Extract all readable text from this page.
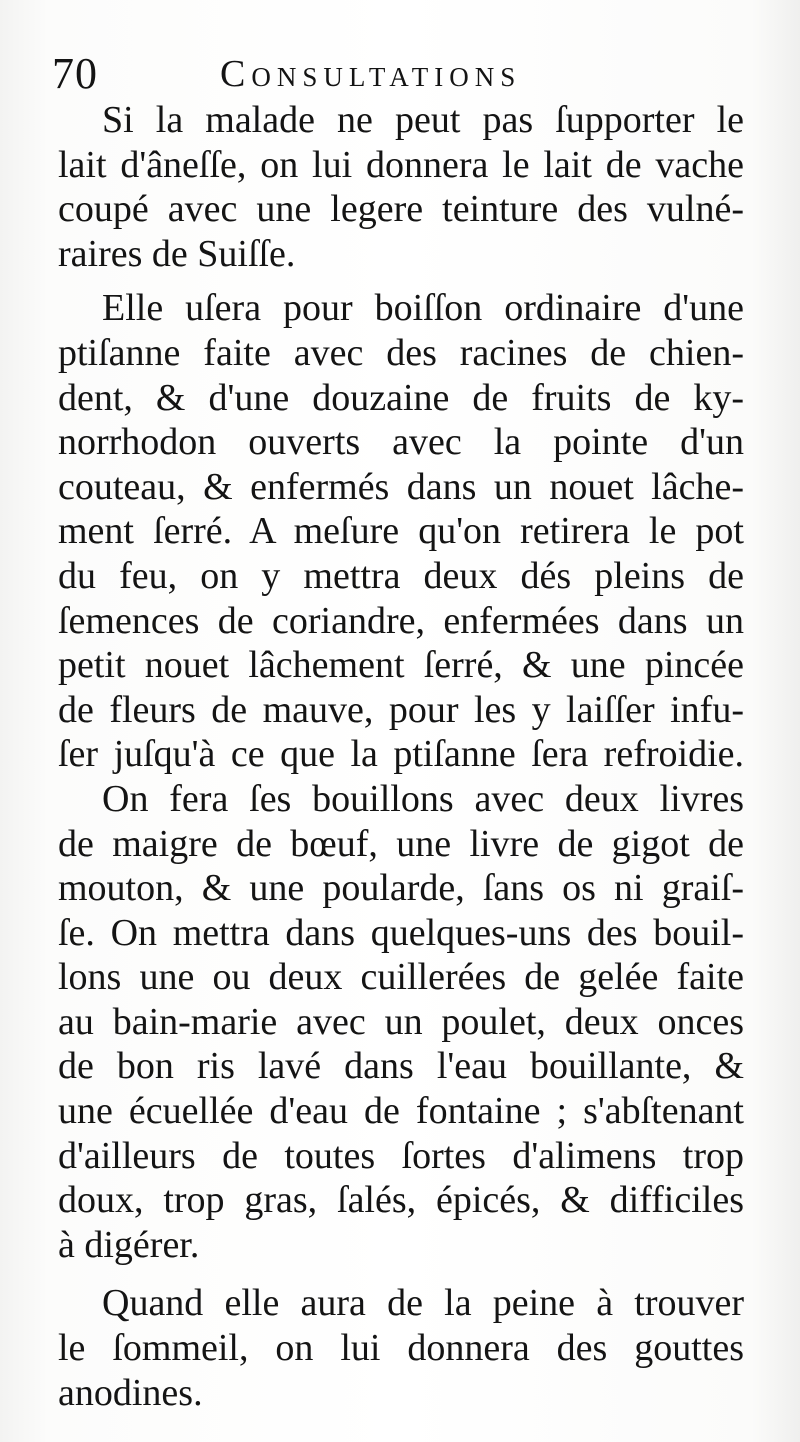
70	Consultations
Si la malade ne peut pas ſupporter le
lait d'âneſſe, on lui donnera le lait de vache
coupé avec une legere teinture des vulné-
raires de Suiſſe.
Elle uſera pour boiſſon ordinaire d'une
ptiſanne faite avec des racines de chien-
dent, & d'une douzaine de fruits de ky-
norrhodon ouverts avec la pointe d'un
couteau, & enfermés dans un nouet lâche-
ment ſerré. A meſure qu'on retirera le pot
du feu, on y mettra deux dés pleins de
ſemences de coriandre, enfermées dans un
petit nouet lâchement ſerré, & une pincée
de fleurs de mauve, pour les y laiſſer infu-
ſer juſqu'à ce que la ptiſanne ſera refroidie.
On fera ſes bouillons avec deux livres
de maigre de bœuf, une livre de gigot de
mouton, & une poularde, ſans os ni graiſ-
ſe. On mettra dans quelques-uns des bouil-
lons une ou deux cuillerées de gelée faite
au bain-marie avec un poulet, deux onces
de bon ris lavé dans l'eau bouillante, &
une écuellée d'eau de fontaine ; s'abſtenant
d'ailleurs de toutes ſortes d'alimens trop
doux, trop gras, ſalés, épicés, & difficiles
à digérer.
Quand elle aura de la peine à trouver
le ſommeil, on lui donnera des gouttes
anodines.
